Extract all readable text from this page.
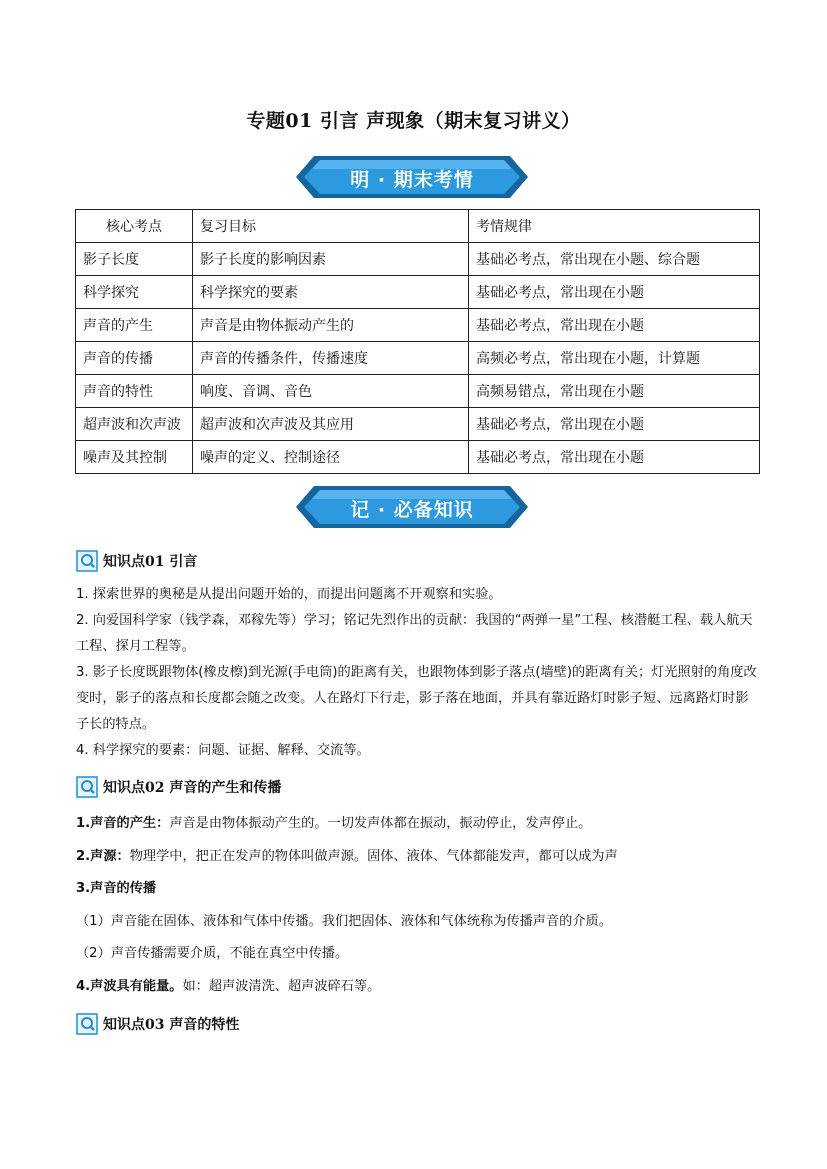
专题01 引言 声现象（期末复习讲义）
明 · 期末考情
核心考点	复习目标	考情规律
影子长度	影子长度的影响因素	基础必考点，常出现在小题、综合题
科学探究	科学探究的要素	基础必考点，常出现在小题
声音的产生	声音是由物体振动产生的	基础必考点，常出现在小题
声音的传播	声音的传播条件，传播速度	高频必考点，常出现在小题，计算题
声音的特性	响度、音调、音色	高频易错点，常出现在小题
超声波和次声波	超声波和次声波及其应用	基础必考点，常出现在小题
噪声及其控制	噪声的定义、控制途径	基础必考点，常出现在小题
记 · 必备知识
知识点01 引言
1. 探索世界的奥秘是从提出问题开始的，而提出问题离不开观察和实验。
2. 向爱国科学家（钱学森，邓稼先等）学习；铭记先烈作出的贡献：我国的“两弹一星”工程、核潜艇工程、载人航天工程、探月工程等。
3. 影子长度既跟物体(橡皮檫)到光源(手电筒)的距离有关，也跟物体到影子落点(墙壁)的距离有关；灯光照射的角度改变时，影子的落点和长度都会随之改变。人在路灯下行走，影子落在地面，并具有靠近路灯时影子短、远离路灯时影子长的特点。
4. 科学探究的要素：问题、证据、解释、交流等。
知识点02 声音的产生和传播
1.声音的产生：声音是由物体振动产生的。一切发声体都在振动，振动停止，发声停止。
2.声源：物理学中，把正在发声的物体叫做声源。固体、液体、气体都能发声，都可以成为声
3.声音的传播
（1）声音能在固体、液体和气体中传播。我们把固体、液体和气体统称为传播声音的介质。
（2）声音传播需要介质，不能在真空中传播。
4.声波具有能量。如：超声波清洗、超声波碎石等。
知识点03 声音的特性
